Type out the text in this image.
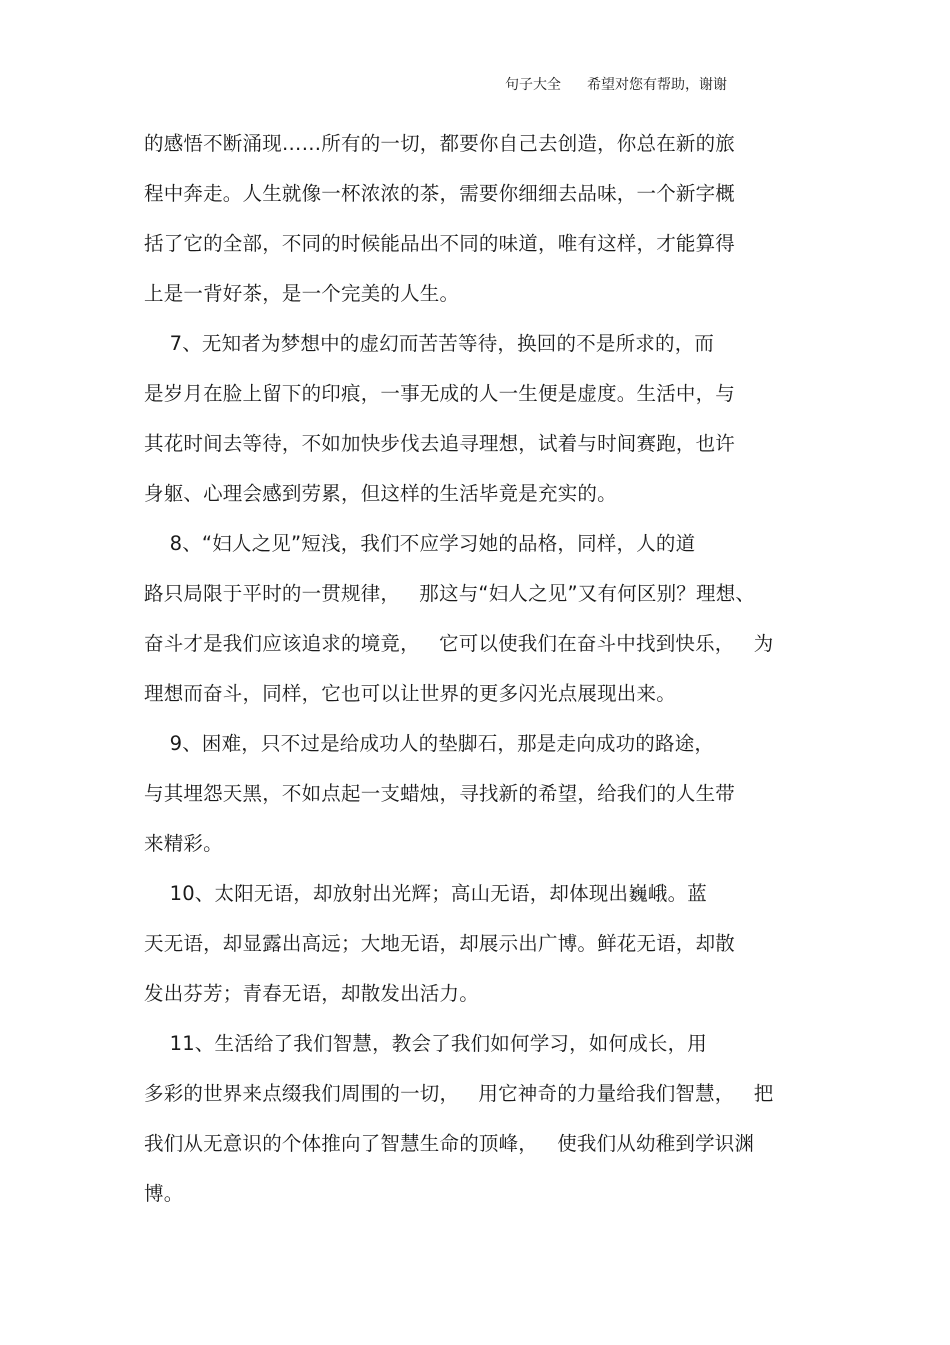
句子大全 希望对您有帮助，谢谢
的感悟不断涌现……所有的一切，都要你自己去创造，你总在新的旅
程中奔走。人生就像一杯浓浓的茶，需要你细细去品味，一个新字概
括了它的全部，不同的时候能品出不同的味道，唯有这样，才能算得
上是一背好茶，是一个完美的人生。
7、无知者为梦想中的虚幻而苦苦等待，换回的不是所求的，而
是岁月在脸上留下的印痕，一事无成的人一生便是虚度。生活中，与
其花时间去等待，不如加快步伐去追寻理想，试着与时间赛跑，也许
身躯、心理会感到劳累，但这样的生活毕竟是充实的。
8、“妇人之见”短浅，我们不应学习她的品格，同样，人的道
路只局限于平时的一贯规律，   那这与“妇人之见”又有何区别？理想、
奋斗才是我们应该追求的境竟，   它可以使我们在奋斗中找到快乐，   为
理想而奋斗，同样，它也可以让世界的更多闪光点展现出来。
9、困难，只不过是给成功人的垫脚石，那是走向成功的路途，
与其埋怨天黑，不如点起一支蜡烛，寻找新的希望，给我们的人生带
来精彩。
10、太阳无语，却放射出光辉；高山无语，却体现出巍峨。蓝
天无语，却显露出高远；大地无语，却展示出广博。鲜花无语，却散
发出芬芳；青春无语，却散发出活力。
11、生活给了我们智慧，教会了我们如何学习，如何成长，用
多彩的世界来点缀我们周围的一切，   用它神奇的力量给我们智慧，   把
我们从无意识的个体推向了智慧生命的顶峰，   使我们从幼稚到学识渊
博。
